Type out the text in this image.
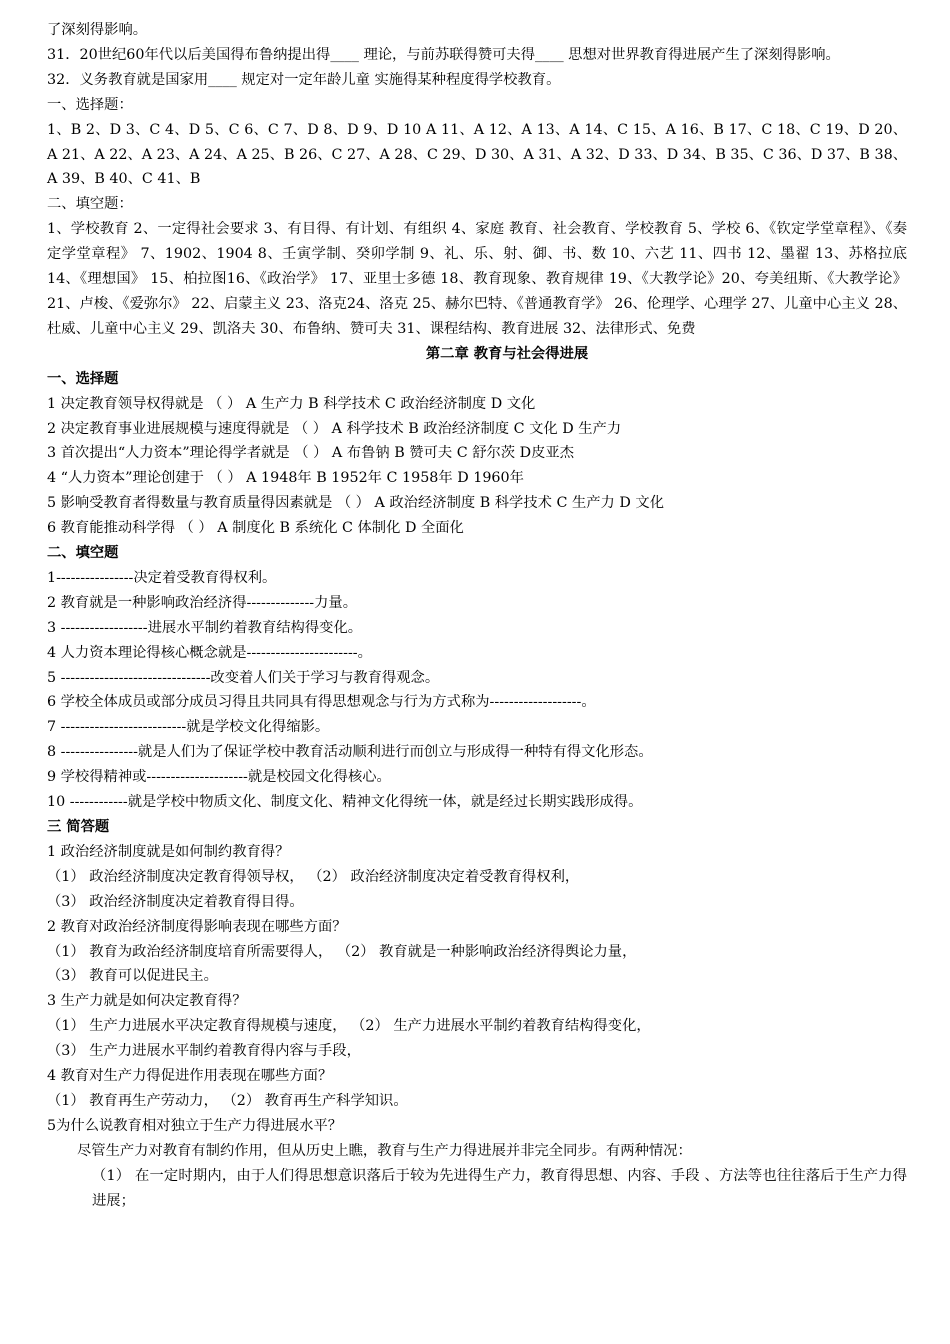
了深刻得影响。
31．20世纪60年代以后美国得布鲁纳提出得____ 理论，与前苏联得赞可夫得____ 思想对世界教育得进展产生了深刻得影响。
32．义务教育就是国家用____ 规定对一定年龄儿童 实施得某种程度得学校教育。
一、选择题：
1、B 2、D 3、C 4、D 5、C 6、C 7、D 8、D 9、D 10 A 11、A 12、A 13、A 14、C 15、A 16、B 17、C 18、C 19、D 20、A 21、A 22、A 23、A 24、A 25、B 26、C 27、A 28、C 29、D 30、A 31、A 32、D 33、D 34、B 35、C 36、D 37、B 38、A 39、B 40、C 41、B
二、填空题：
1、学校教育 2、一定得社会要求 3、有目得、有计划、有组织 4、家庭 教育、社会教育、学校教育 5、学校 6、《钦定学堂章程》、《奏定学堂章程》 7、1902、1904 8、壬寅学制、癸卯学制 9、礼、乐、射、御、书、数 10、六艺 11、四书 12、墨翟 13、苏格拉底 14、《理想国》 15、柏拉图16、《政治学》 17、亚里士多德 18、教育现象、教育规律 19、《大教学论》20、夸美纽斯、《大教学论》 21、卢梭、《爱弥尔》 22、启蒙主义 23、洛克24、洛克 25、赫尔巴特、《普通教育学》 26、伦理学、心理学 27、儿童中心主义 28、杜威、儿童中心主义 29、凯洛夫 30、布鲁纳、赞可夫 31、课程结构、教育进展 32、法律形式、免费
第二章 教育与社会得进展
一、选择题
1 决定教育领导权得就是 （ ） A 生产力 B 科学技术 C 政治经济制度 D 文化
2 决定教育事业进展规模与速度得就是 （ ） A 科学技术 B 政治经济制度 C 文化 D 生产力
3 首次提出“人力资本”理论得学者就是 （ ） A 布鲁钠 B 赞可夫 C 舒尔茨 D皮亚杰
4 “人力资本”理论创建于 （ ） A 1948年 B 1952年 C 1958年 D 1960年
5 影响受教育者得数量与教育质量得因素就是 （ ） A 政治经济制度 B 科学技术 C 生产力 D 文化
6 教育能推动科学得 （ ） A 制度化 B 系统化 C 体制化 D 全面化
二、填空题
1----------------决定着受教育得权利。
2 教育就是一种影响政治经济得--------------力量。
3 ------------------进展水平制约着教育结构得变化。
4 人力资本理论得核心概念就是-----------------------。
5 -------------------------------改变着人们关于学习与教育得观念。
6 学校全体成员或部分成员习得且共同具有得思想观念与行为方式称为-------------------。
7 --------------------------就是学校文化得缩影。
8 ----------------就是人们为了保证学校中教育活动顺利进行而创立与形成得一种特有得文化形态。
9 学校得精神或---------------------就是校园文化得核心。
10 ------------就是学校中物质文化、制度文化、精神文化得统一体，就是经过长期实践形成得。
三 简答题
1 政治经济制度就是如何制约教育得？
（1） 政治经济制度决定教育得领导权， （2） 政治经济制度决定着受教育得权利，
（3） 政治经济制度决定着教育得目得。
2 教育对政治经济制度得影响表现在哪些方面？
（1） 教育为政治经济制度培育所需要得人， （2） 教育就是一种影响政治经济得舆论力量，
（3） 教育可以促进民主。
3 生产力就是如何决定教育得？
（1） 生产力进展水平决定教育得规模与速度， （2） 生产力进展水平制约着教育结构得变化，
（3） 生产力进展水平制约着教育得内容与手段，
4 教育对生产力得促进作用表现在哪些方面？
（1） 教育再生产劳动力， （2） 教育再生产科学知识。
5为什么说教育相对独立于生产力得进展水平？
尽管生产力对教育有制约作用，但从历史上瞧，教育与生产力得进展并非完全同步。有两种情况：
（1） 在一定时期内，由于人们得思想意识落后于较为先进得生产力，教育得思想、内容、手段 、方法等也往往落后于生产力得进展；
